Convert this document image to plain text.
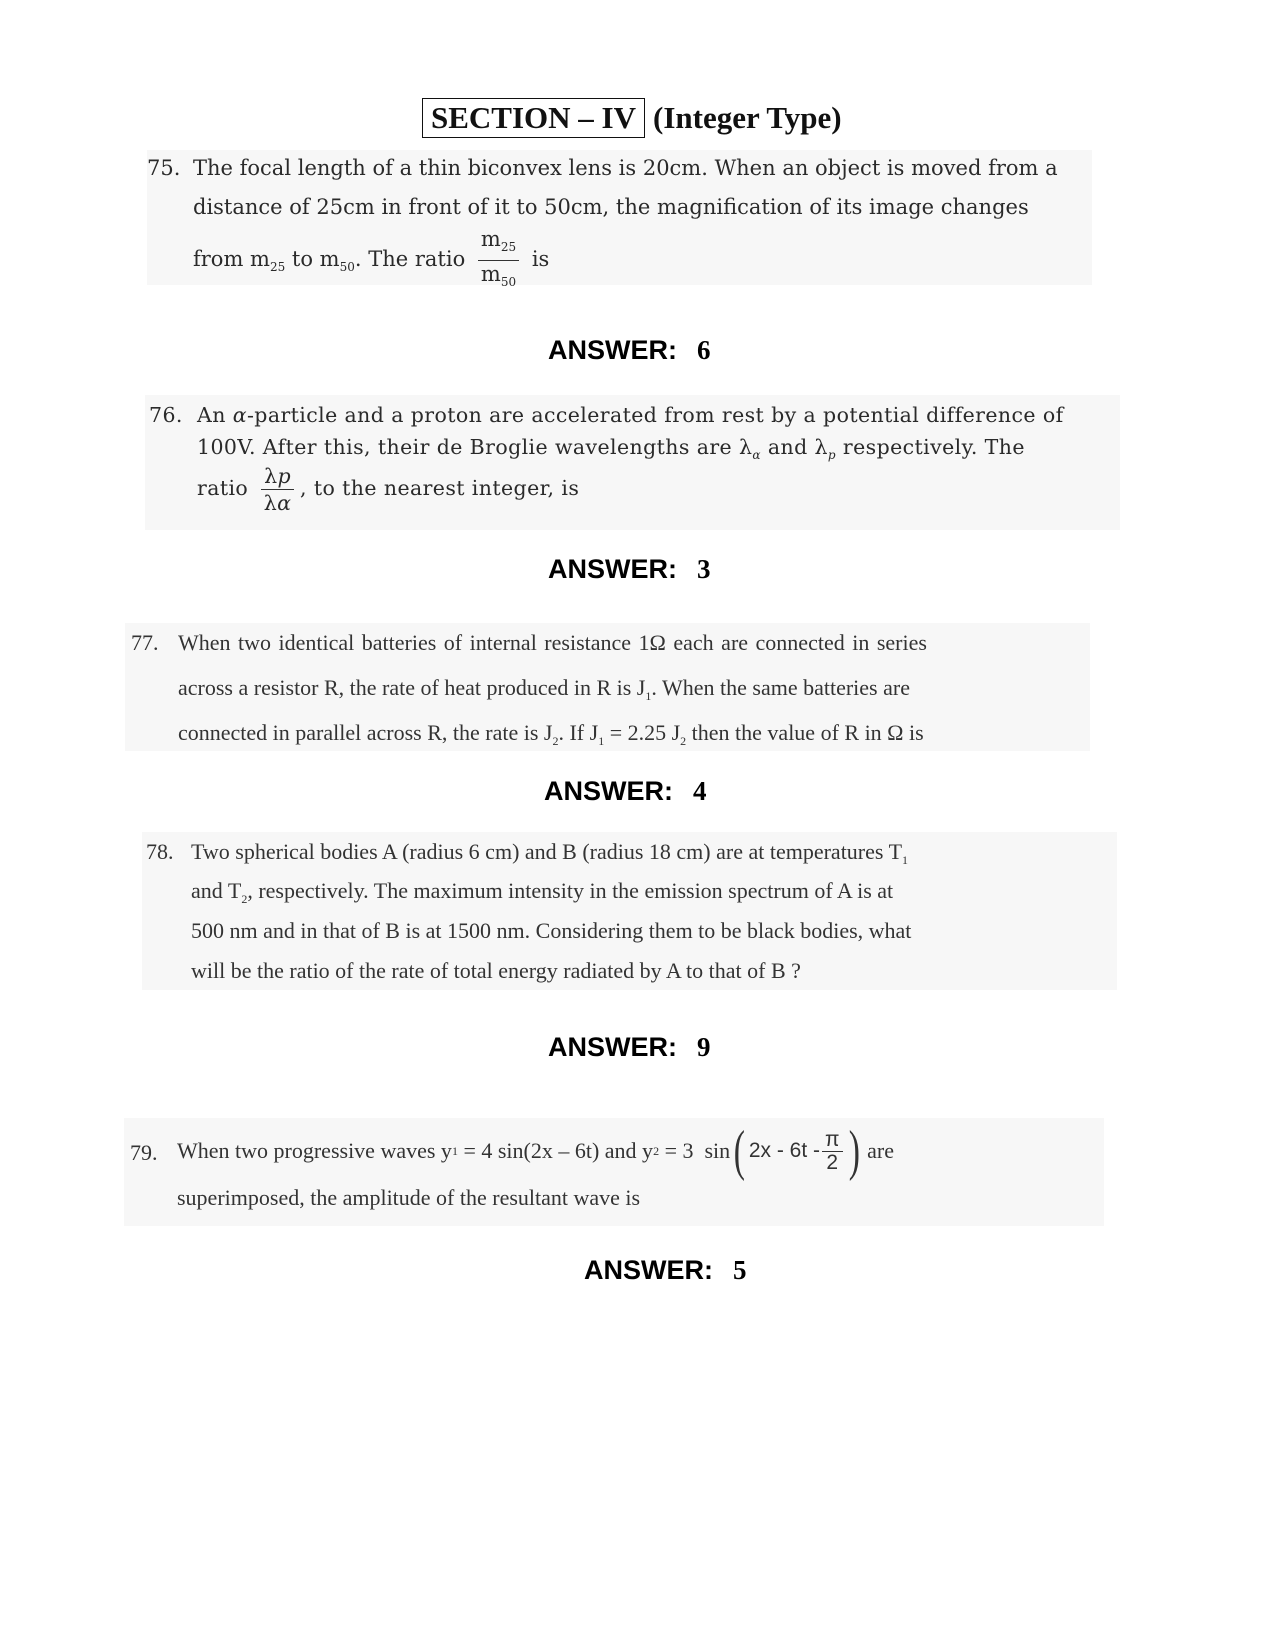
SECTION – IV (Integer Type)
75. The focal length of a thin biconvex lens is 20cm. When an object is moved from a
distance of 25cm in front of it to 50cm, the magnification of its image changes
from $m_{25}$ to $m_{50}$. The ratio $\frac{m_{25}}{m_{50}}$ is
ANSWER: 6
76. An α-particle and a proton are accelerated from rest by a potential difference of
100V. After this, their de Broglie wavelengths are $\lambda_\alpha$ and $\lambda_p$ respectively. The
ratio $\frac{\lambda p}{\lambda\alpha}$ , to the nearest integer, is
ANSWER: 3
77. When two identical batteries of internal resistance 1Ω each are connected in series
across a resistor R, the rate of heat produced in R is $J_1$. When the same batteries are
connected in parallel across R, the rate is $J_2$. If $J_1 = 2.25$ $J_2$ then the value of R in Ω is
ANSWER: 4
78. Two spherical bodies A (radius 6 cm) and B (radius 18 cm) are at temperatures $T_1$
and $T_2$, respectively. The maximum intensity in the emission spectrum of A is at
500 nm and in that of B is at 1500 nm. Considering them to be black bodies, what
will be the ratio of the rate of total energy radiated by A to that of B ?
ANSWER: 9
79. When two progressive waves y 1 = 4 sin(2x – 6t) and y 2 = 3  sin ( $2x - 6t - \frac{\pi}{2}$ ) are
superimposed, the amplitude of the resultant wave is
ANSWER: 5
